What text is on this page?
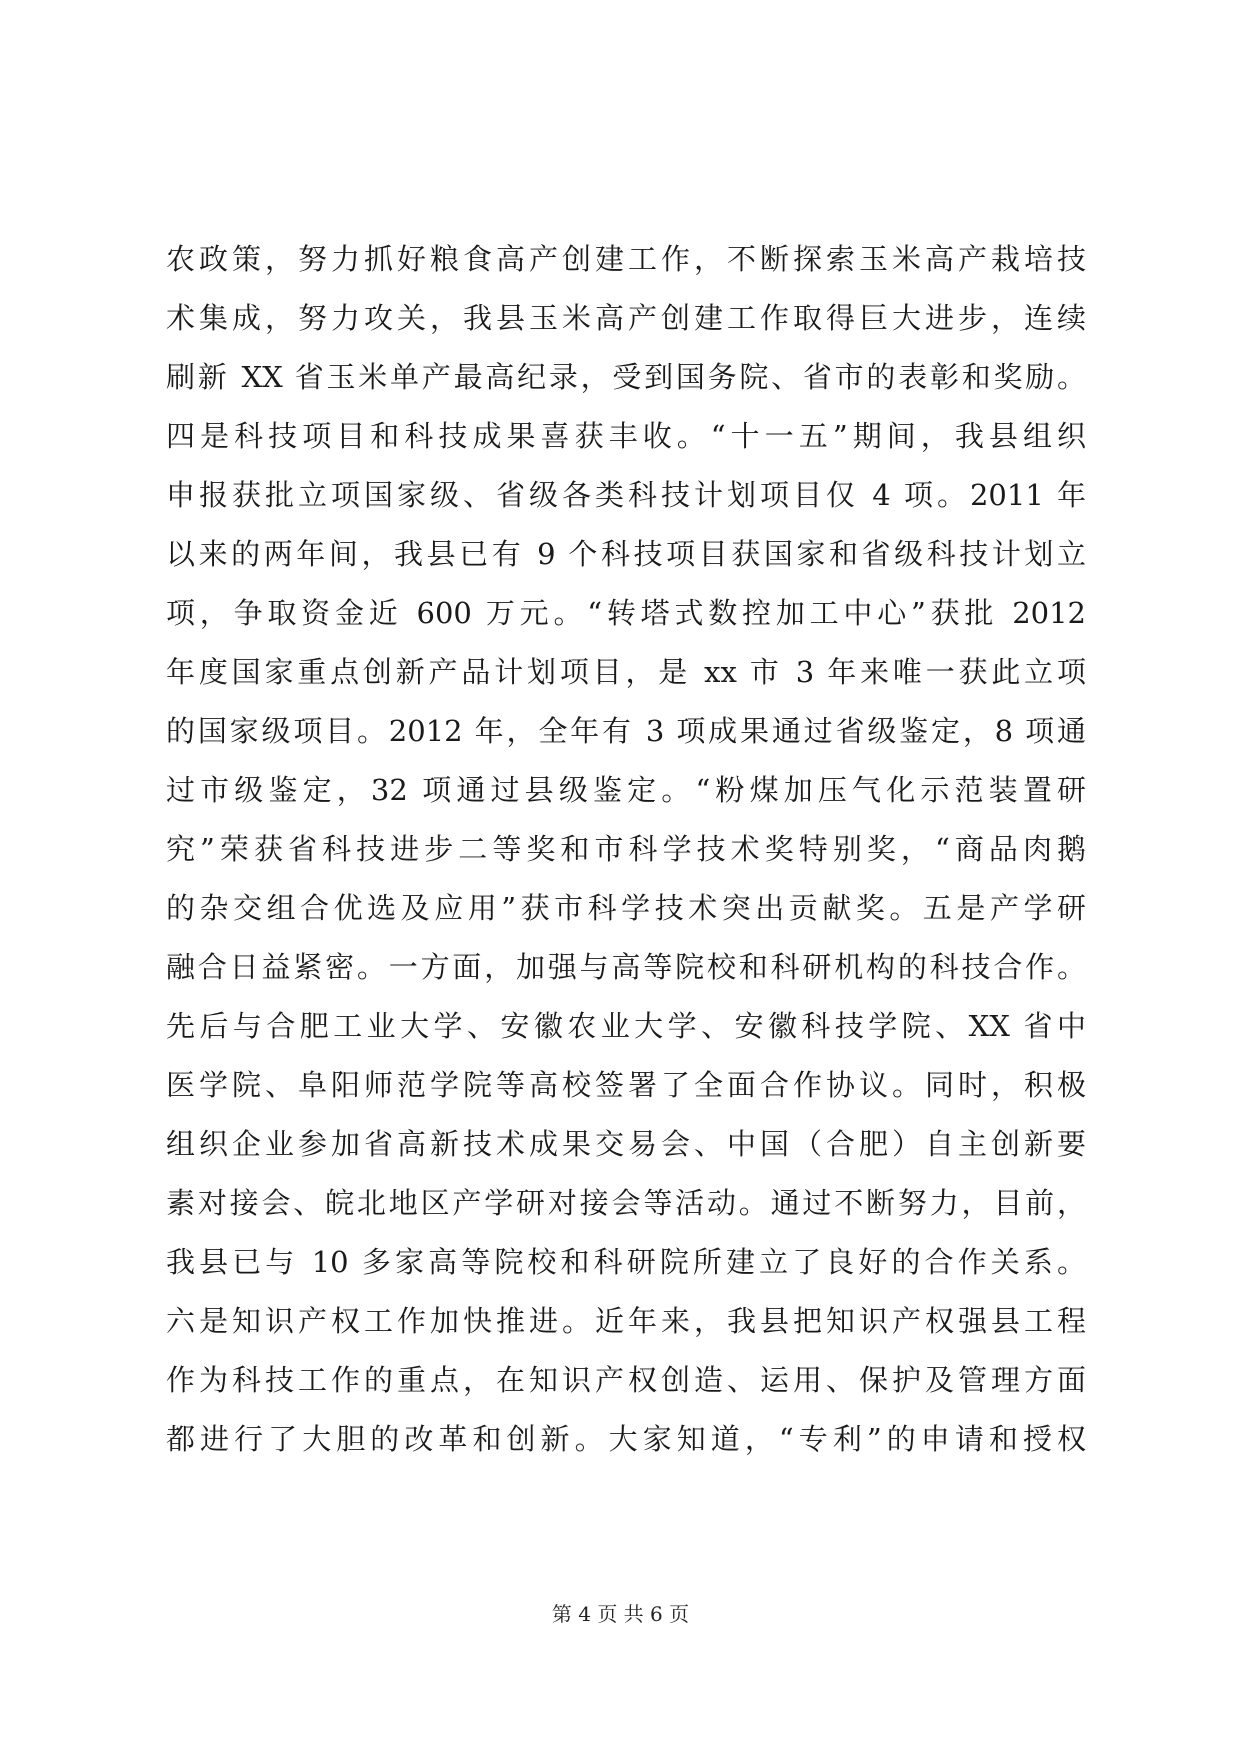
农政策，努力抓好粮食高产创建工作，不断探索玉米高产栽培技
术集成，努力攻关，我县玉米高产创建工作取得巨大进步，连续
刷新 XX 省玉米单产最高纪录，受到国务院、省市的表彰和奖励。
四是科技项目和科技成果喜获丰收。“十一五”期间，我县组织
申报获批立项国家级、省级各类科技计划项目仅 4 项。2011 年
以来的两年间，我县已有 9 个科技项目获国家和省级科技计划立
项，争取资金近 600 万元。“转塔式数控加工中心”获批 2012
年度国家重点创新产品计划项目，是 xx 市 3 年来唯一获此立项
的国家级项目。2012 年，全年有 3 项成果通过省级鉴定，8 项通
过市级鉴定，32 项通过县级鉴定。“粉煤加压气化示范装置研
究”荣获省科技进步二等奖和市科学技术奖特别奖，“商品肉鹅
的杂交组合优选及应用”获市科学技术突出贡献奖。五是产学研
融合日益紧密。一方面，加强与高等院校和科研机构的科技合作。
先后与合肥工业大学、安徽农业大学、安徽科技学院、XX 省中
医学院、阜阳师范学院等高校签署了全面合作协议。同时，积极
组织企业参加省高新技术成果交易会、中国（合肥）自主创新要
素对接会、皖北地区产学研对接会等活动。通过不断努力，目前，
我县已与 10 多家高等院校和科研院所建立了良好的合作关系。
六是知识产权工作加快推进。近年来，我县把知识产权强县工程
作为科技工作的重点，在知识产权创造、运用、保护及管理方面
都进行了大胆的改革和创新。大家知道，“专利”的申请和授权
第 4 页 共 6 页
